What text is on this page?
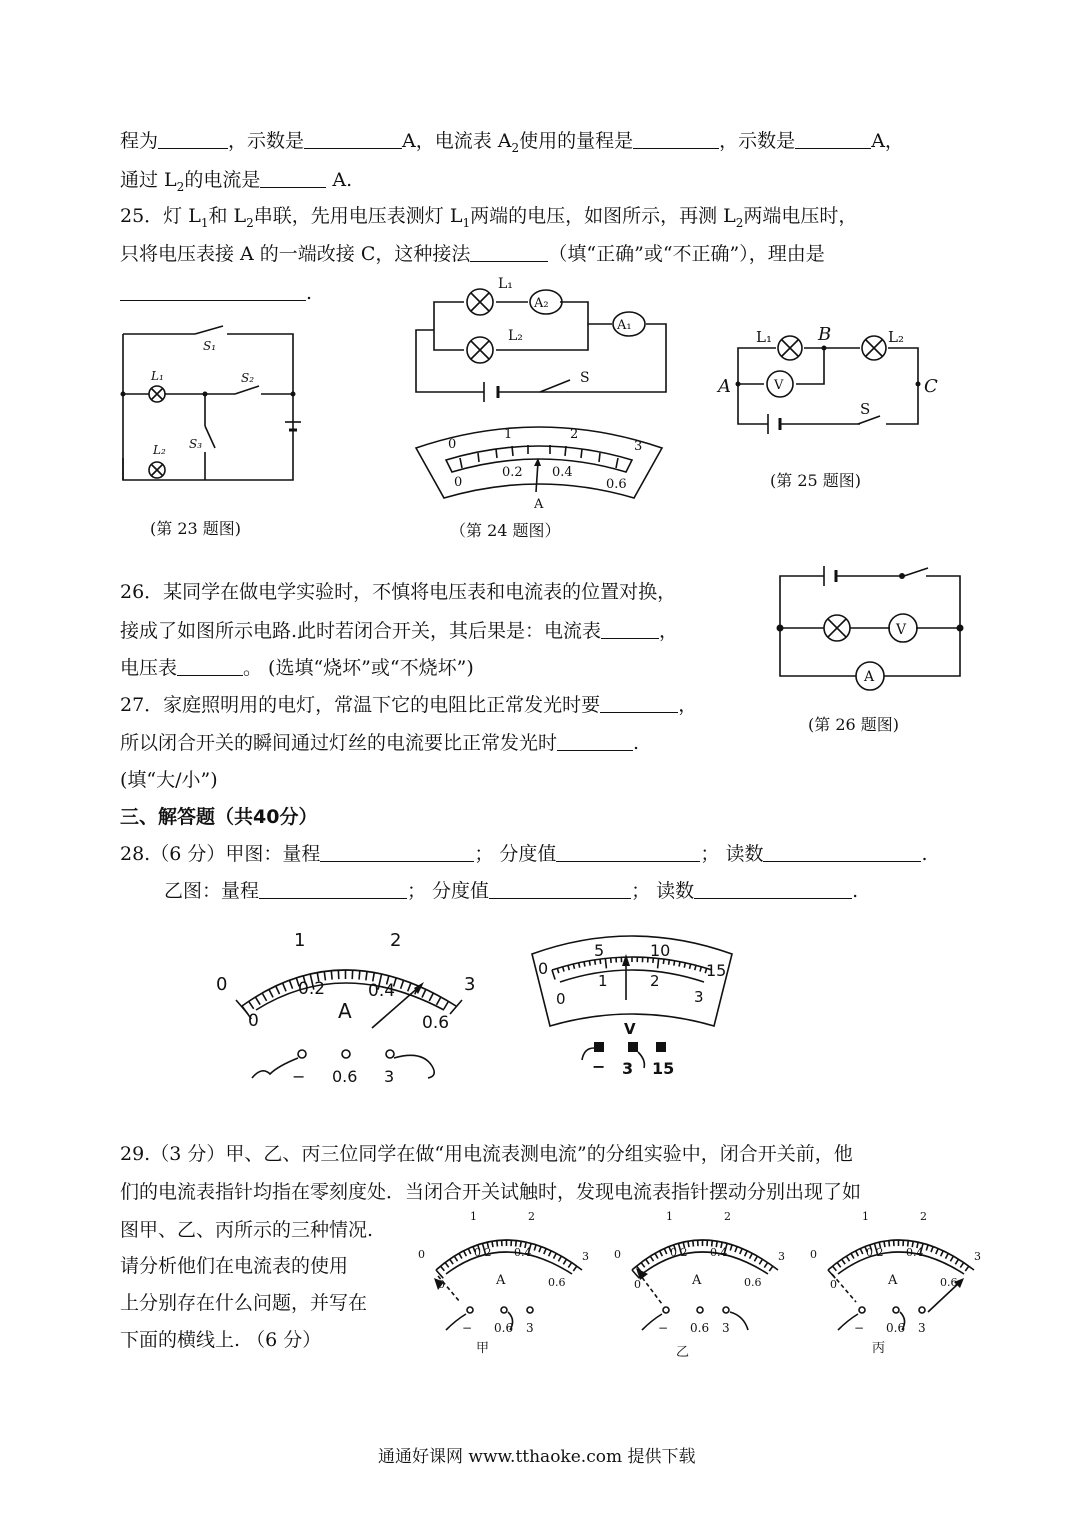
程为	，示数是	A，电流表 $A_2$使用的量程是	，示数是	A，
通过 $L_2$的电流是	A.
25．灯 $L_1$和 $L_2$串联，先用电压表测灯 $L_1$两端的电压，如图所示，再测 $L_2$两端电压时，
只将电压表接 A 的一端改接 C，这种接法	（填“正确”或“不正确”），理由是
.
S₁
S₂
S₃
L₁
L₂
(第 23 题图)
A₂
A₁
L₁
L₂
S
0
1	2
3
0
0.2 0.4
0.6
A
（第 24 题图）
V
L₁	L₂
B
A	C
S
(第 25 题图)
26．某同学在做电学实验时，不慎将电压表和电流表的位置对换，
接成了如图所示电路.此时若闭合开关，其后果是：电流表	，
电压表	。 (选填“烧坏”或“不烧坏”)
27．家庭照明用的电灯，常温下它的电阻比正常发光时要	，
所以闭合开关的瞬间通过灯丝的电流要比正常发光时	.
(填“大/小”)
V
A
(第 26 题图)
三、解答题（共40分）
28.（6 分）甲图：量程	； 分度值	； 读数	.
乙图：量程	； 分度值	； 读数	.
0
1	2
3
0
0.2	0.4
0.6
A
− 0.6 3
0
5	10
15
0
1	2
3
V
− 3 15
29.（3 分）甲、乙、丙三位同学在做“用电流表测电流”的分组实验中，闭合开关前，他
们的电流表指针均指在零刻度处．当闭合开关试触时，发现电流表指针摆动分别出现了如
图甲、乙、丙所示的三种情况.
请分析他们在电流表的使用
上分别存在什么问题，并写在
下面的横线上. （6 分）
0
1	2
3
0
0.2 0.4
0.6
A
− 0.6 3
甲
0
1	2
3
0
0.2 0.4
0.6
A
− 0.6 3
乙
0
1	2
3
0
0.2 0.4
0.6
A
− 0.6 3
丙
通通好课网 www.tthaoke.com 提供下载
